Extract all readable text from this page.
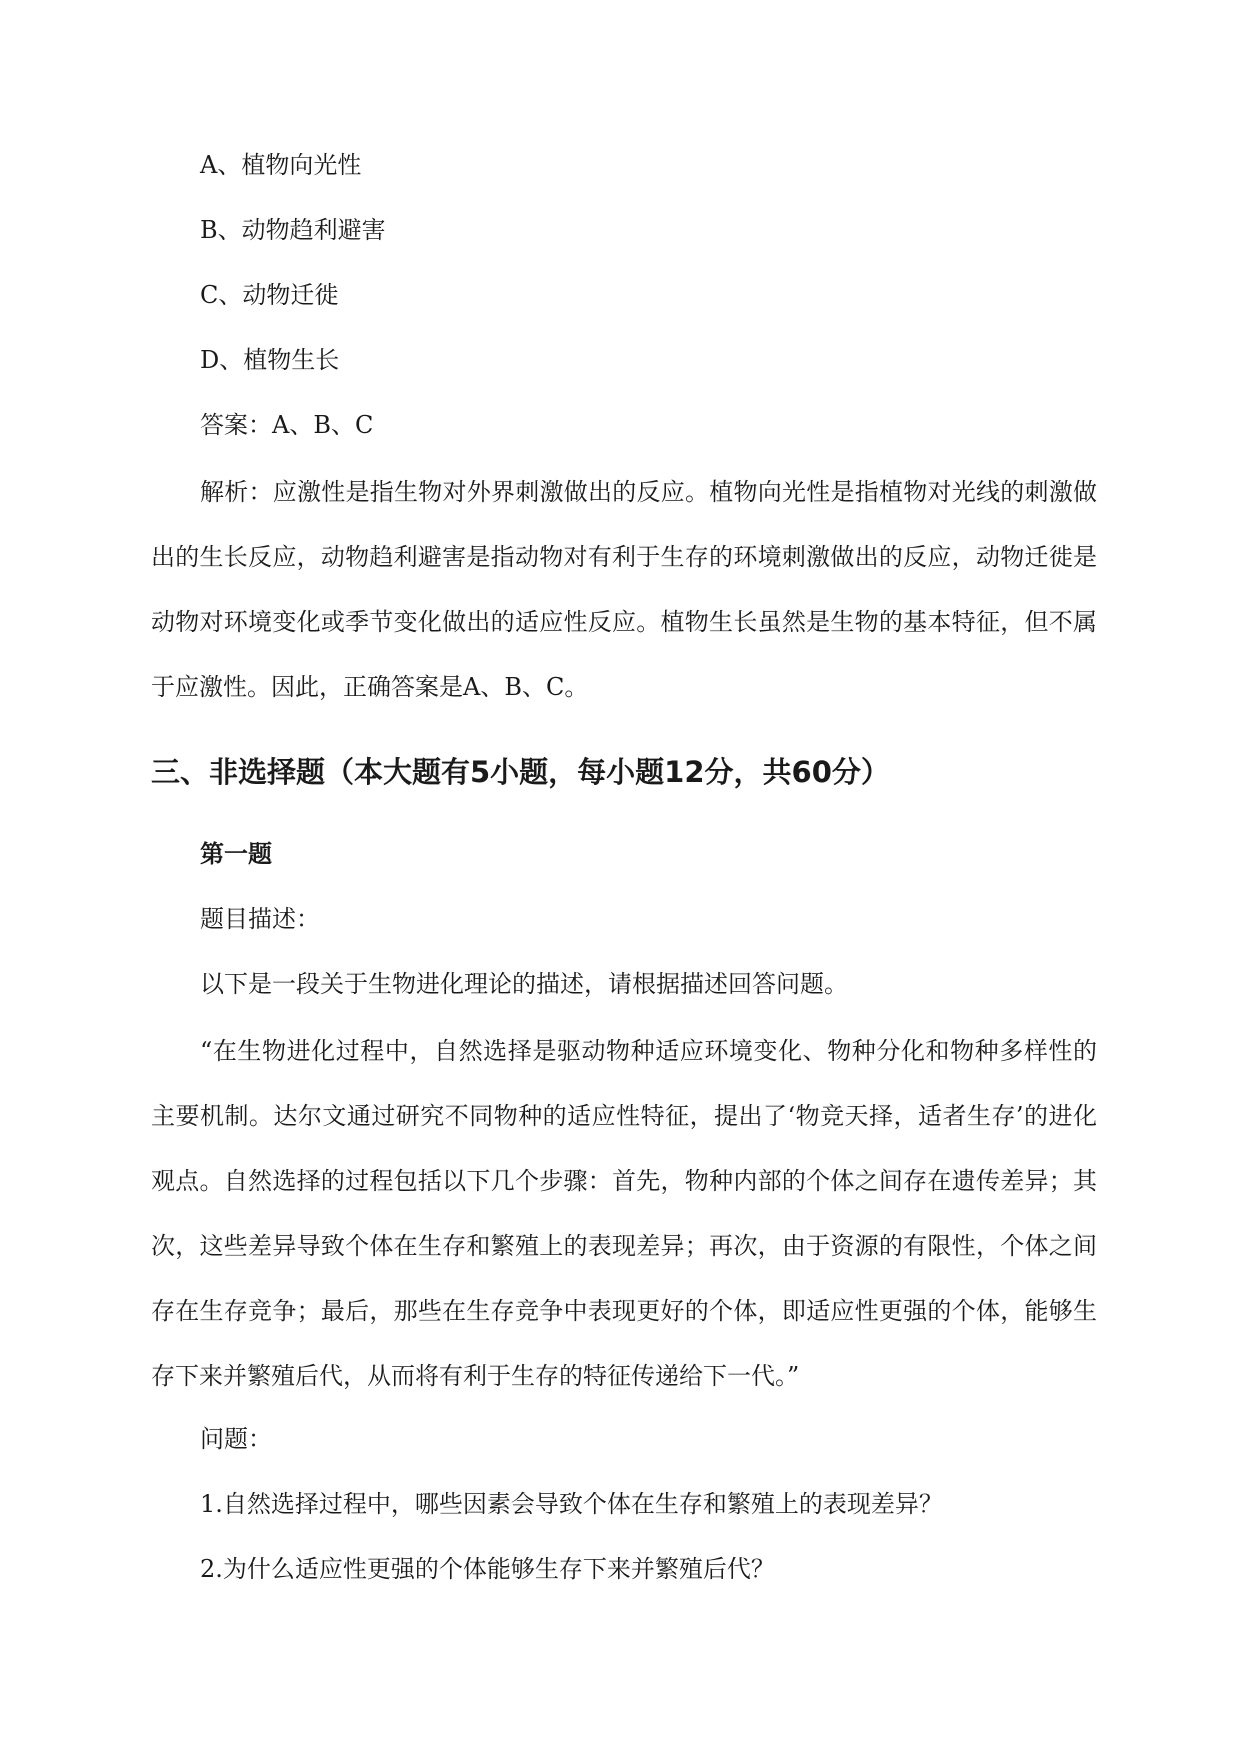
A、植物向光性
B、动物趋利避害
C、动物迁徙
D、植物生长
答案：A、B、C
解析：应激性是指生物对外界刺激做出的反应。植物向光性是指植物对光线的刺激做出的生长反应，动物趋利避害是指动物对有利于生存的环境刺激做出的反应，动物迁徙是动物对环境变化或季节变化做出的适应性反应。植物生长虽然是生物的基本特征，但不属于应激性。因此，正确答案是A、B、C。
三、非选择题（本大题有5小题，每小题12分，共60分）
第一题
题目描述：
以下是一段关于生物进化理论的描述，请根据描述回答问题。
“在生物进化过程中，自然选择是驱动物种适应环境变化、物种分化和物种多样性的主要机制。达尔文通过研究不同物种的适应性特征，提出了‘物竞天择，适者生存’的进化观点。自然选择的过程包括以下几个步骤：首先，物种内部的个体之间存在遗传差异；其次，这些差异导致个体在生存和繁殖上的表现差异；再次，由于资源的有限性，个体之间存在生存竞争；最后，那些在生存竞争中表现更好的个体，即适应性更强的个体，能够生存下来并繁殖后代，从而将有利于生存的特征传递给下一代。”
问题：
1.自然选择过程中，哪些因素会导致个体在生存和繁殖上的表现差异？
2.为什么适应性更强的个体能够生存下来并繁殖后代？
